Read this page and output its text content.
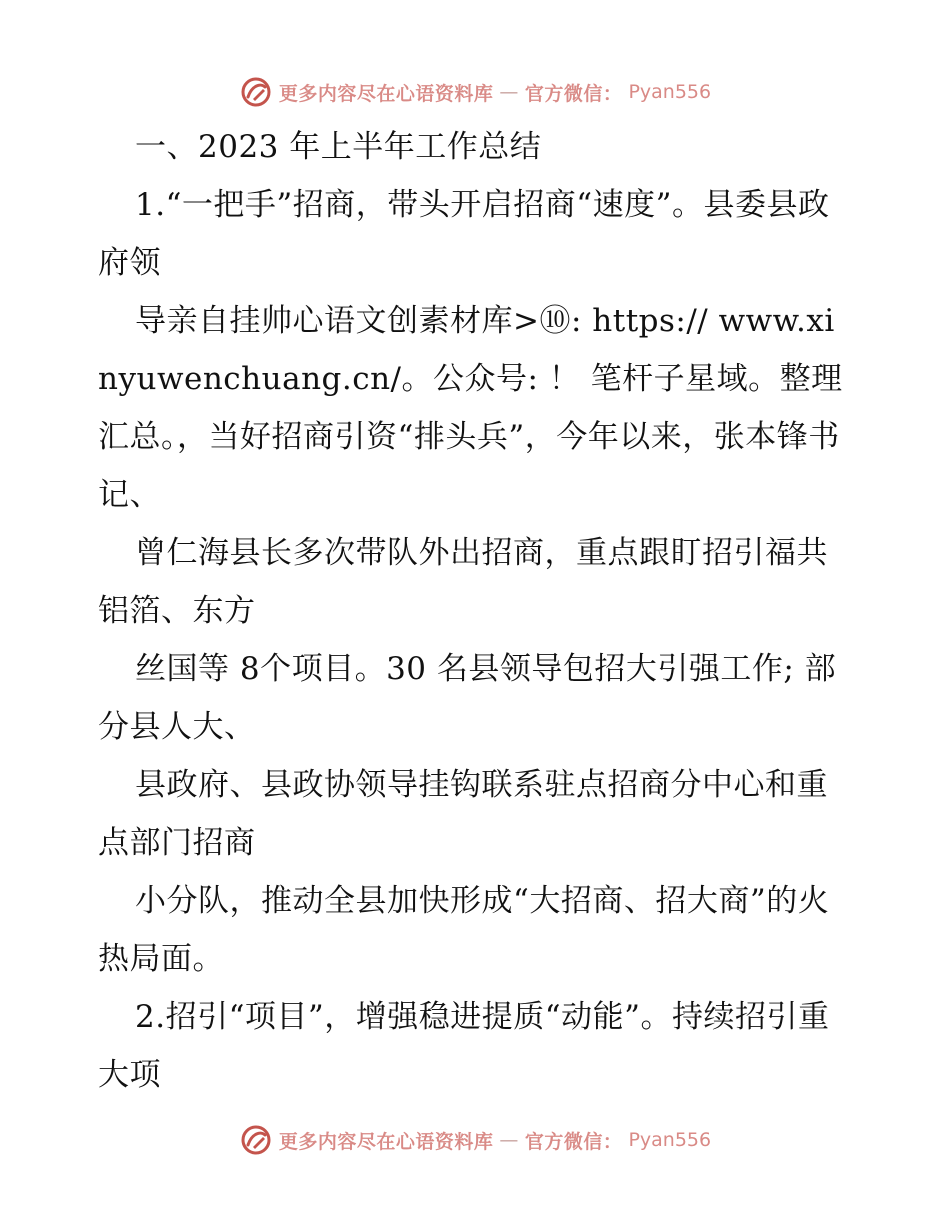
更多内容尽在心语资料库 — 官方微信： Pyan556

一、2023 年上半年工作总结

1.“一把手”招商，带头开启招商“速度”。县委县政府领

导亲自挂帅心语文创素材库>⑩: https:// www.xinyuwenchuang.cn/。公众号: ！ 笔杆子星域。整理汇总。，当好招商引资“排头兵”，今年以来，张本锋书记、

曾仁海县长多次带队外出招商，重点跟盯招引福共铝箔、东方

丝国等 8个项目。30 名县领导包招大引强工作; 部分县人大、

县政府、县政协领导挂钩联系驻点招商分中心和重点部门招商

小分队，推动全县加快形成“大招商、招大商”的火热局面。

2.招引“项目”，增强稳进提质“动能”。持续招引重大项

更多内容尽在心语资料库 — 官方微信： Pyan556
